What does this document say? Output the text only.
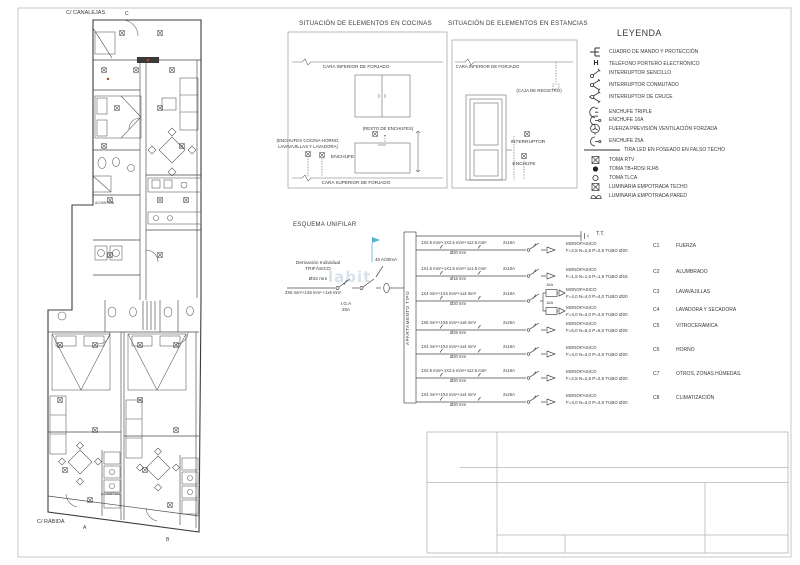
C/ CANALEJAS	C
C/ RÁBIDA
A
B
ACOMETIDA
ACOMETIDA
SITUACIÓN DE ELEMENTOS EN COCINAS
CARA INFERIOR DE FORJADO
(RESTO DE ENCHUFES)
(ENCHUFES COCINA-HORNO,
LAVAVAJILLAS Y LAVADORA)
ENCHUFE
CARA SUPERIOR DE FORJADO
SITUACIÓN DE ELEMENTOS EN ESTANCIAS
CARA INFERIOR DE FORJADO
(CAJA DE REGISTRO)
INTERRUPTOR
ENCHUFE
LEYENDA
CUADRO DE MANDO Y PROTECCIÓN
H	TELÉFONO PORTERO ELECTRÓNICO
INTERRUPTOR SENCILLO
INTERRUPTOR CONMUTADO
INTERRUPTOR DE CRUCE
ENCHUFE TRIPLE
ENCHUFE 16A
FUERZA PREVISIÓN VENTILACIÓN FORZADA
ENCHUFE 25A
TIRA LED EN FOSEADO EN FALSO TECHO
TOMA RTV
TOMA TB+RDSI RJ45
TOMA TLCA
LUMINARIA EMPOTRADA TECHO
LUMINARIA EMPOTRADA PARED
ESQUEMA UNIFILAR
Derivación Individual
TRIFÁSICO
Ø32 mm
3X6 mm²+1X6 mm² +1x6 mm²
I.G.A
25A
40 A/30mA
APARTAMENTO TIPO
T.T.
16A
16A
1X2.5 mm²+1X2.5 mm²+1x2.5 mm²	2x16A
Ø20 mm
1X1.5 mm²+1X1.5 mm²+1x1.5 mm²	2x10A
Ø16 mm
1X4 mm²+1X4 mm²+1x4 mm²	2x16A
Ø20 mm
1X6 mm²+1X6 mm²+1x6 mm²	2x25A
Ø25 mm
1X4 mm²+1X4 mm²+1x4 mm²	2x16A
Ø20 mm
1X2.5 mm²+1X2.5 mm²+1x2.5 mm²	2x16A
Ø20 mm
1X4 mm²+1X4 mm²+1x4 mm²	2x25A
Ø20 mm
MONOFASICO
F=2,5 N=2,5 P=2,5 TUBO Ø20
C1	FUERZA
MONOFASICO
F=1,5 N=1,5 P=1,5 TUBO Ø16
C2	ALUMBRADO
MONOFASICO
F=4,0 N=4,0 P=4,0 TUBO Ø20
C3	LAVAVAJILLAS
MONOFASICO
F=4,0 N=4,0 P=4,0 TUBO Ø20
C4	LAVADORA Y SECADORA
MONOFASICO
F=6,0 N=6,0 P=6,0 TUBO Ø25
C5	VITROCERÁMICA
MONOFASICO
F=4,0 N=4,0 P=4,0 TUBO Ø20
C6	HORNO
MONOFASICO
F=2,5 N=2,5 P=2,5 TUBO Ø20
C7	OTROS, ZONAS HÚMEDAS.
MONOFASICO
F=4,0 N=4,0 P=4,0 TUBO Ø20
C8	CLIMATIZACIÓN
labit
